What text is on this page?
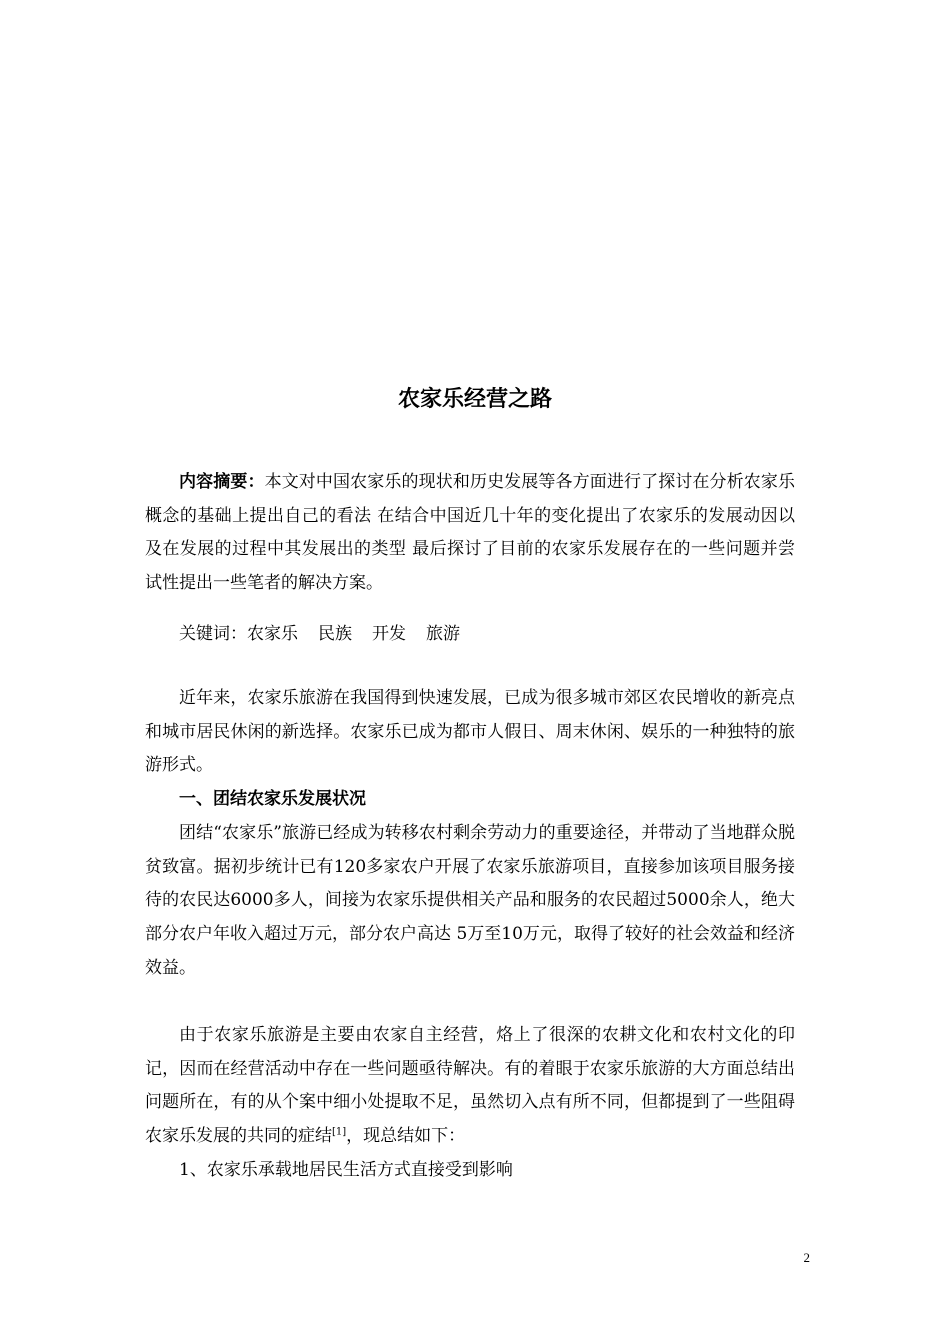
农家乐经营之路

内容摘要：本文对中国农家乐的现状和历史发展等各方面进行了探讨在分析农家乐概念的基础上提出自己的看法 在结合中国近几十年的变化提出了农家乐的发展动因以及在发展的过程中其发展出的类型 最后探讨了目前的农家乐发展存在的一些问题并尝试性提出一些笔者的解决方案。

关键词：农家乐 民族 开发 旅游

近年来，农家乐旅游在我国得到快速发展，已成为很多城市郊区农民增收的新亮点和城市居民休闲的新选择。农家乐已成为都市人假日、周末休闲、娱乐的一种独特的旅游形式。

一、团结农家乐发展状况

团结“农家乐”旅游已经成为转移农村剩余劳动力的重要途径，并带动了当地群众脱贫致富。据初步统计已有120多家农户开展了农家乐旅游项目，直接参加该项目服务接待的农民达6000多人，间接为农家乐提供相关产品和服务的农民超过5000余人，绝大部分农户年收入超过万元，部分农户高达 5万至10万元，取得了较好的社会效益和经济效益。

由于农家乐旅游是主要由农家自主经营，烙上了很深的农耕文化和农村文化的印记，因而在经营活动中存在一些问题亟待解决。有的着眼于农家乐旅游的大方面总结出问题所在，有的从个案中细小处提取不足，虽然切入点有所不同，但都提到了一些阻碍农家乐发展的共同的症结[1]，现总结如下：

1、农家乐承载地居民生活方式直接受到影响

2
